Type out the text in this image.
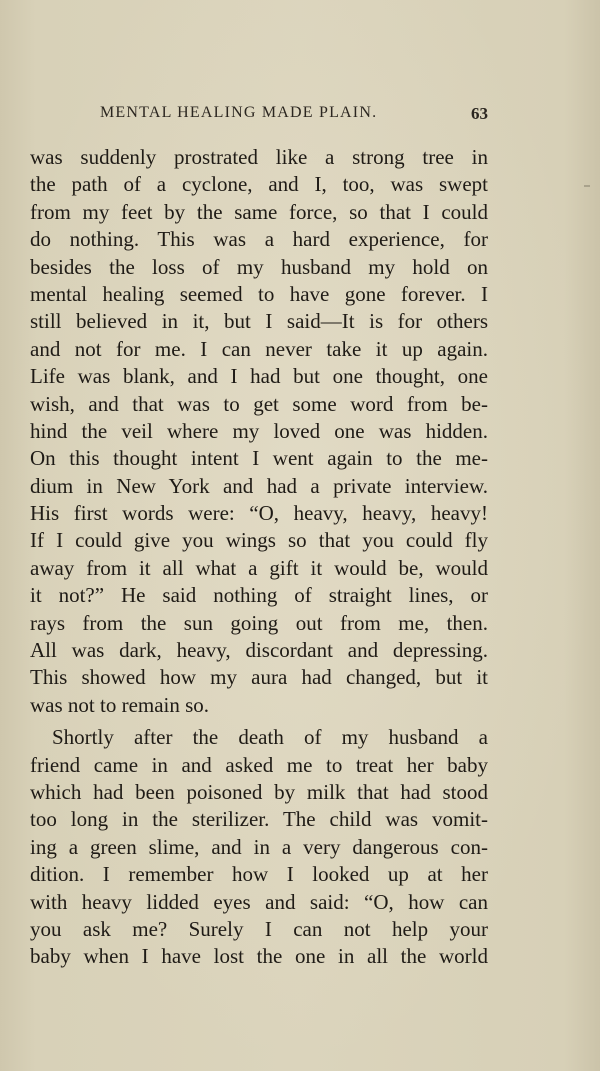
MENTAL HEALING MADE PLAIN.	63
was suddenly prostrated like a strong tree in
the path of a cyclone, and I, too, was swept
from my feet by the same force, so that I could
do nothing. This was a hard experience, for
besides the loss of my husband my hold on
mental healing seemed to have gone forever. I
still believed in it, but I said—It is for others
and not for me. I can never take it up again.
Life was blank, and I had but one thought, one
wish, and that was to get some word from be-
hind the veil where my loved one was hidden.
On this thought intent I went again to the me-
dium in New York and had a private interview.
His first words were: “O, heavy, heavy, heavy!
If I could give you wings so that you could fly
away from it all what a gift it would be, would
it not?” He said nothing of straight lines, or
rays from the sun going out from me, then.
All was dark, heavy, discordant and depressing.
This showed how my aura had changed, but it
was not to remain so.
Shortly after the death of my husband a
friend came in and asked me to treat her baby
which had been poisoned by milk that had stood
too long in the sterilizer. The child was vomit-
ing a green slime, and in a very dangerous con-
dition. I remember how I looked up at her
with heavy lidded eyes and said: “O, how can
you ask me? Surely I can not help your
baby when I have lost the one in all the world
